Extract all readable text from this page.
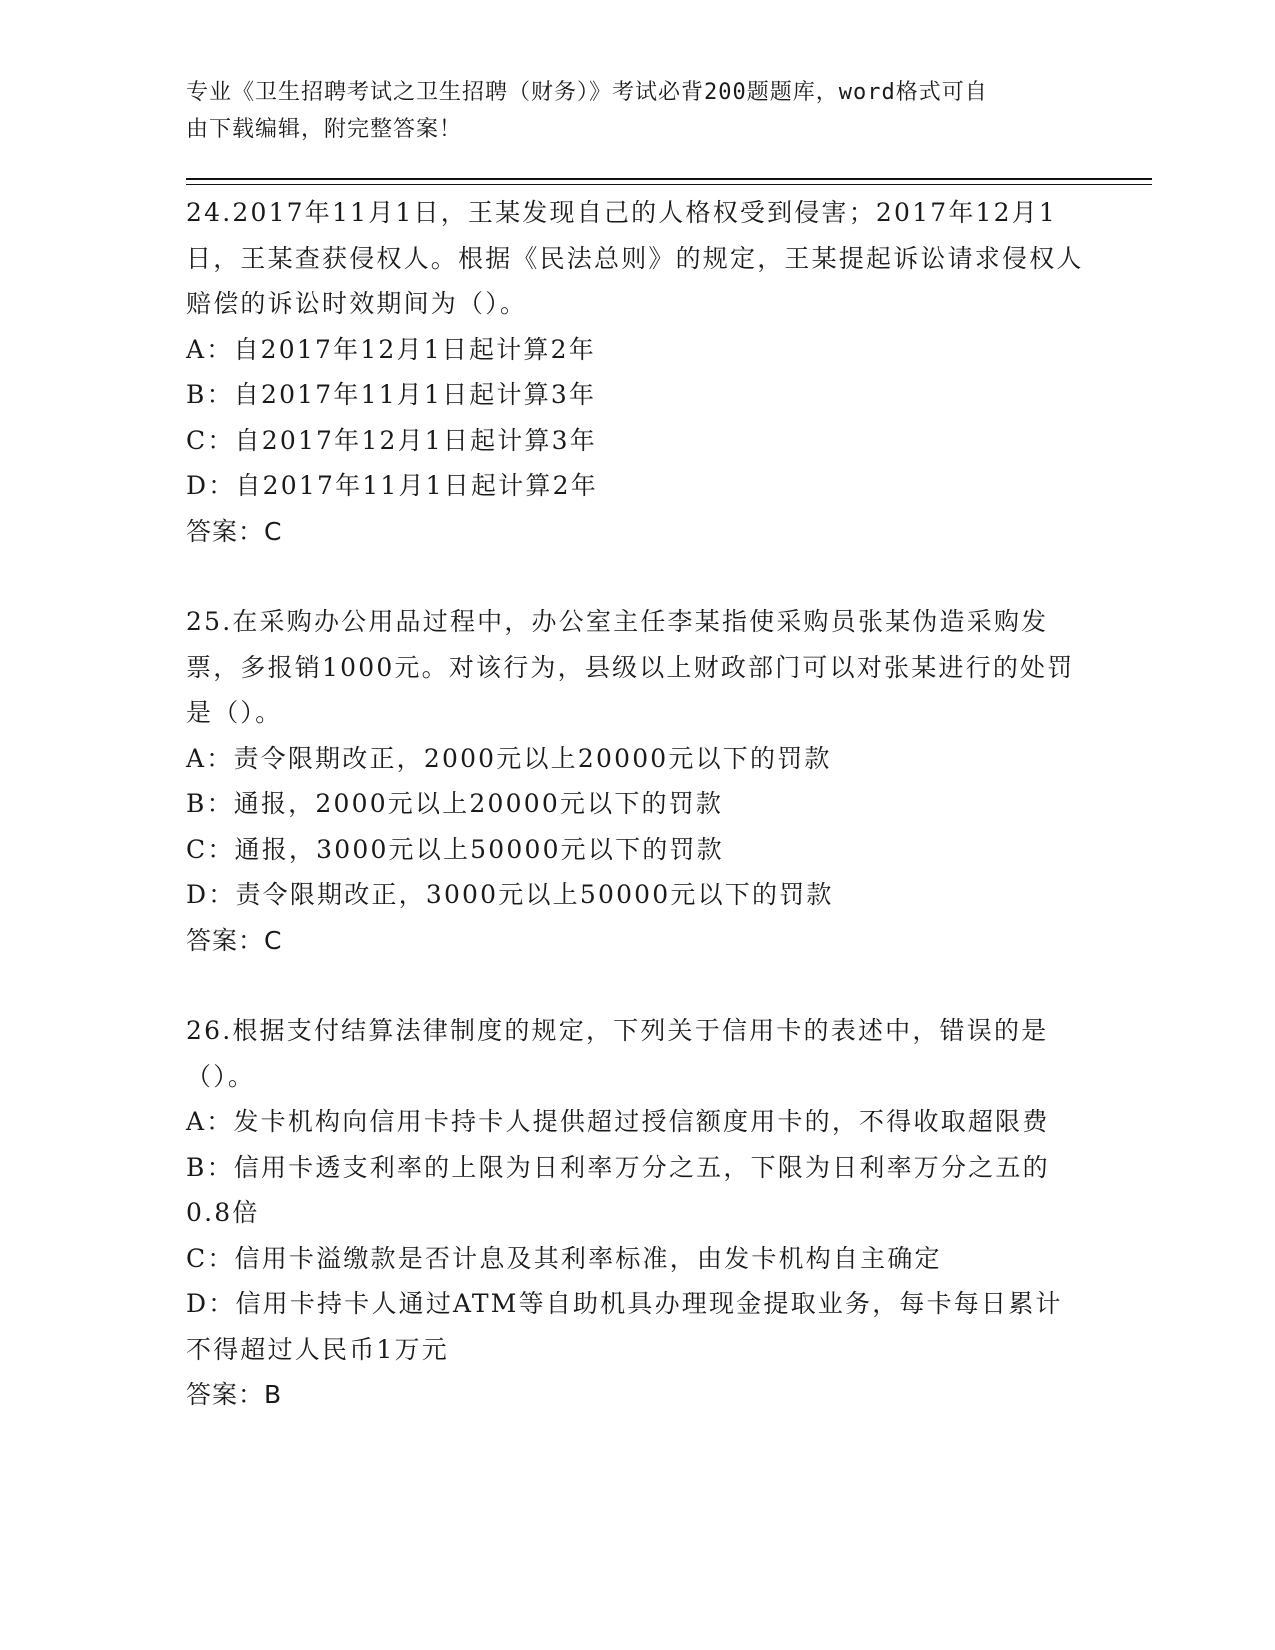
专业《卫生招聘考试之卫生招聘（财务）》考试必背200题题库，word格式可自
由下载编辑，附完整答案！
24.2017年11月1日，王某发现自己的人格权受到侵害；2017年12月1日，王某查获侵权人。根据《民法总则》的规定，王某提起诉讼请求侵权人赔偿的诉讼时效期间为（）。
A：自2017年12月1日起计算2年
B：自2017年11月1日起计算3年
C：自2017年12月1日起计算3年
D：自2017年11月1日起计算2年
答案：C
25.在采购办公用品过程中，办公室主任李某指使采购员张某伪造采购发票，多报销1000元。对该行为，县级以上财政部门可以对张某进行的处罚是（）。
A：责令限期改正，2000元以上20000元以下的罚款
B：通报，2000元以上20000元以下的罚款
C：通报，3000元以上50000元以下的罚款
D：责令限期改正，3000元以上50000元以下的罚款
答案：C
26.根据支付结算法律制度的规定，下列关于信用卡的表述中，错误的是（）。
A：发卡机构向信用卡持卡人提供超过授信额度用卡的，不得收取超限费
B：信用卡透支利率的上限为日利率万分之五，下限为日利率万分之五的0.8倍
C：信用卡溢缴款是否计息及其利率标准，由发卡机构自主确定
D：信用卡持卡人通过ATM等自助机具办理现金提取业务，每卡每日累计不得超过人民币1万元
答案：B
